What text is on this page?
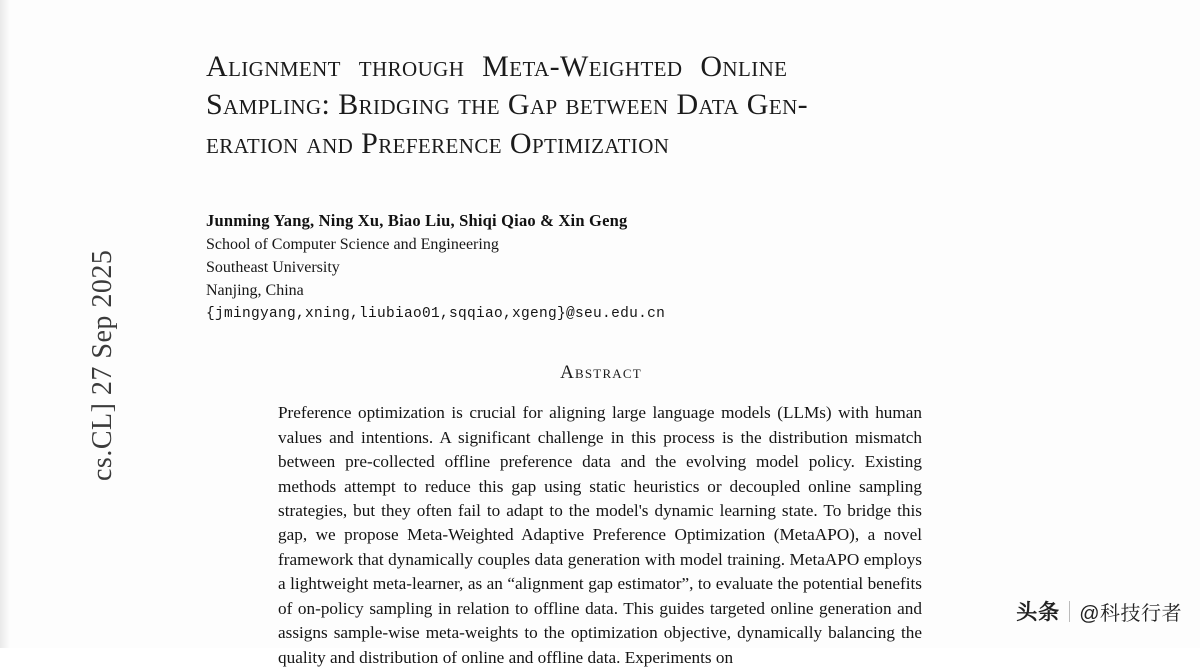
cs.CL] 27 Sep 2025
Alignment through Meta-Weighted Online
Sampling: Bridging the Gap between Data Gen-
eration and Preference Optimization
Junming Yang, Ning Xu, Biao Liu, Shiqi Qiao & Xin Geng
School of Computer Science and Engineering
Southeast University
Nanjing, China
{jmingyang,xning,liubiao01,sqqiao,xgeng}@seu.edu.cn
Abstract

Preference optimization is crucial for aligning large language models (LLMs) with human values and intentions. A significant challenge in this process is the distribution mismatch between pre-collected offline preference data and the evolving model policy. Existing methods attempt to reduce this gap using static heuristics or decoupled online sampling strategies, but they often fail to adapt to the model's dynamic learning state. To bridge this gap, we propose Meta-Weighted Adaptive Preference Optimization (MetaAPO), a novel framework that dynamically couples data generation with model training. MetaAPO employs a lightweight meta-learner, as an “alignment gap estimator”, to evaluate the potential benefits of on-policy sampling in relation to offline data. This guides targeted online generation and assigns sample-wise meta-weights to the optimization objective, dynamically balancing the quality and distribution of online and offline data. Experiments on

头条 @科技行者
